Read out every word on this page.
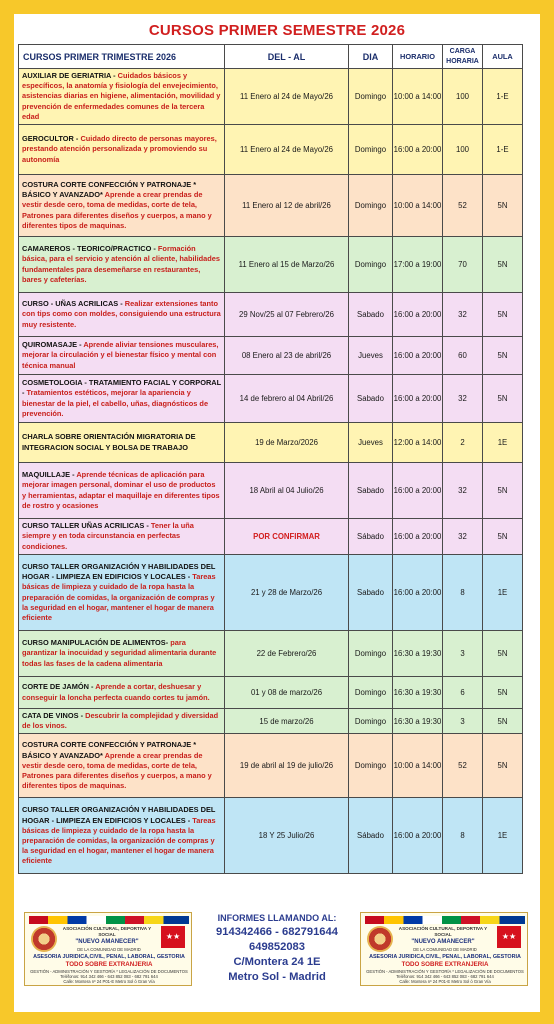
CURSOS PRIMER SEMESTRE 2026
CURSOS PRIMER TRIMESTRE 2026	DEL - AL	DIA	HORARIO	CARGA HORARIA	AULA
AUXILIAR DE GERIATRIA - Cuidados básicos y específicos, la anatomía y fisiología del envejecimiento, asistencias diarias en higiene, alimentación, movilidad y prevención de enfermedades comunes de la tercera edad	11 Enero al 24 de Mayo/26	Domingo	10:00 a 14:00	100	1-E
GEROCULTOR - Cuidado directo de personas mayores, prestando atención personalizada y promoviendo su autonomía	11 Enero al 24 de Mayo/26	Domingo	16:00 a 20:00	100	1-E
COSTURA CORTE CONFECCIÓN Y PATRONAJE * BÁSICO Y AVANZADO* Aprende a crear prendas de vestir desde cero, toma de medidas, corte de tela, Patrones para diferentes diseños y cuerpos, a mano y diferentes tipos de maquinas.	11 Enero al 12 de abril/26	Domingo	10:00 a 14:00	52	5N
CAMAREROS - TEORICO/PRACTICO - Formación básica, para el servicio y atención al cliente, habilidades fundamentales para desemeñarse en restaurantes, bares y cafeterías.	11 Enero al 15 de Marzo/26	Domingo	17:00 a 19:00	70	5N
CURSO - UÑAS ACRILICAS - Realizar extensiones tanto con tips como con moldes, consiguiendo una estructura muy resistente.	29 Nov/25 al 07 Febrero/26	Sabado	16:00 a 20:00	32	5N
QUIROMASAJE - Aprende aliviar tensiones musculares, mejorar la circulación y el bienestar físico y mental con técnica manual	08 Enero al 23 de abril/26	Jueves	16:00 a 20:00	60	5N
COSMETOLOGIA - TRATAMIENTO FACIAL Y CORPORAL - Tratamientos estéticos, mejorar la apariencia y bienestar de la piel, el cabello, uñas, diagnósticos de prevención.	14 de febrero al 04 Abril/26	Sabado	16:00 a 20:00	32	5N
CHARLA SOBRE ORIENTACIÓN MIGRATORIA DE INTEGRACION SOCIAL Y BOLSA DE TRABAJO	19 de Marzo/2026	Jueves	12:00 a 14:00	2	1E
MAQUILLAJE - Aprende técnicas de aplicación para mejorar imagen personal, dominar el uso de productos y herramientas, adaptar el maquillaje en diferentes tipos de rostro y ocasiones	18 Abril al 04 Julio/26	Sabado	16:00 a 20:00	32	5N
CURSO TALLER UÑAS ACRILICAS - Tener la uña siempre y en toda circunstancia en perfectas condiciones.	POR CONFIRMAR	Sábado	16:00 a 20:00	32	5N
CURSO TALLER ORGANIZACIÓN Y HABILIDADES DEL HOGAR - LIMPIEZA EN EDIFICIOS Y LOCALES - Tareas básicas de limpieza y cuidado de la ropa hasta la preparación de comidas, la organización de compras y la seguridad en el hogar, mantener el hogar de manera eficiente	21 y 28 de Marzo/26	Sabado	16:00 a 20:00	8	1E
CURSO MANIPULACIÓN DE ALIMENTOS- para garantizar la inocuidad y seguridad alimentaria durante todas las fases de la cadena alimentaria	22 de Febrero/26	Domingo	16:30 a 19:30	3	5N
CORTE DE JAMÓN - Aprende a cortar, deshuesar y conseguir la loncha perfecta cuando cortes tu jamón.	01 y 08 de marzo/26	Domingo	16:30 a 19:30	6	5N
CATA DE VINOS - Descubrir la complejidad y diversidad de los vinos.	15 de marzo/26	Domingo	16:30 a 19:30	3	5N
COSTURA CORTE CONFECCIÓN Y PATRONAJE * BÁSICO Y AVANZADO* Aprende a crear prendas de vestir desde cero, toma de medidas, corte de tela, Patrones para diferentes diseños y cuerpos, a mano y diferentes tipos de maquinas.	19 de abril al 19 de julio/26	Domingo	10:00 a 14:00	52	5N
CURSO TALLER ORGANIZACIÓN Y HABILIDADES DEL HOGAR - LIMPIEZA EN EDIFICIOS Y LOCALES - Tareas básicas de limpieza y cuidado de la ropa hasta la preparación de comidas, la organización de compras y la seguridad en el hogar, mantener el hogar de manera eficiente	18 Y 25 Julio/26	Sábado	16:00 a 20:00	8	1E
★★
ASOCIACIÓN CULTURAL, DEPORTIVA Y SOCIAL
"NUEVO AMANECER"
DE LA COMUNIDAD DE MADRID
ASESORIA JURIDICA,CIVIL, PENAL, LABORAL, GESTORIA
TODO SOBRE EXTRANJERIA
GESTIÓN - ADMINISTRACIÓN Y GESTORÍA * LEGALIZACIÓN DE DOCUMENTOS
Teléfonos: 914 342 466 - 643 852 083 - 682 791 644
Calle: Montera nº 24 P01-E Metro Sol ó Gran Vía
INFORMES LLAMANDO AL:
914342466 - 682791644
649852083
C/Montera 24 1E
Metro Sol - Madrid
★★
ASOCIACIÓN CULTURAL, DEPORTIVA Y SOCIAL
"NUEVO AMANECER"
DE LA COMUNIDAD DE MADRID
ASESORIA JURIDICA,CIVIL, PENAL, LABORAL, GESTORIA
TODO SOBRE EXTRANJERIA
GESTIÓN - ADMINISTRACIÓN Y GESTORÍA * LEGALIZACIÓN DE DOCUMENTOS
Teléfonos: 914 342 466 - 643 852 083 - 682 791 644
Calle: Montera nº 24 P01-E Metro Sol ó Gran Vía
